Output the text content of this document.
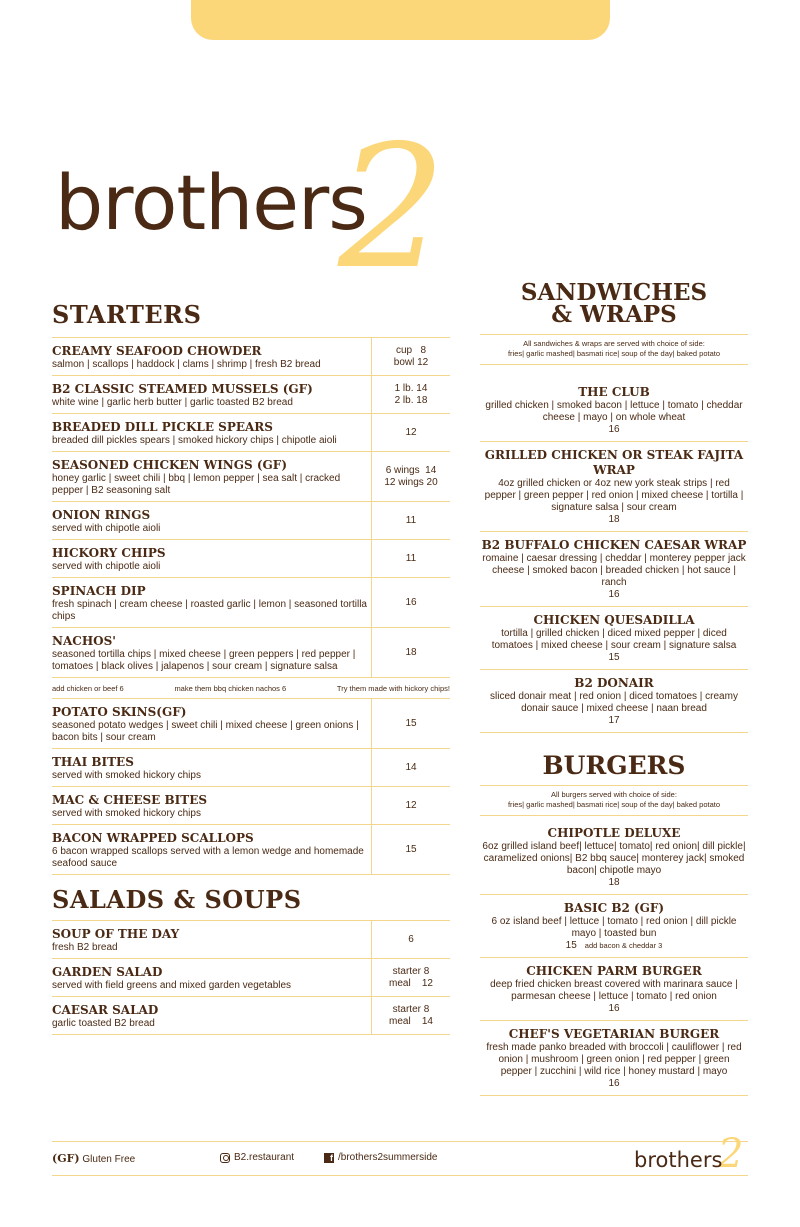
2
brothers
STARTERS
CREAMY SEAFOOD CHOWDER
salmon | scallops | haddock | clams | shrimp | fresh B2 bread
cup   8
bowl 12
B2 CLASSIC STEAMED MUSSELS (GF)
white wine | garlic herb butter | garlic toasted B2 bread
1 lb. 14
2 lb. 18
BREADED DILL PICKLE SPEARS
breaded dill pickles spears | smoked hickory chips | chipotle aioli
12
SEASONED CHICKEN WINGS (GF)
honey garlic | sweet chili | bbq | lemon pepper | sea salt | cracked pepper | B2 seasoning salt
6 wings  14
12 wings 20
ONION RINGS
served with chipotle aioli
11
HICKORY CHIPS
served with chipotle aioli
11
SPINACH DIP
fresh spinach | cream cheese | roasted garlic | lemon | seasoned tortilla chips
16
NACHOS'
seasoned tortilla chips | mixed cheese | green peppers | red pepper | tomatoes | black olives | jalapenos | sour cream | signature salsa
18
add chicken or beef 6	make them bbq chicken nachos 6	Try them made with hickory chips!
POTATO SKINS(GF)
seasoned potato wedges | sweet chili | mixed cheese | green onions | bacon bits | sour cream
15
THAI BITES
served with smoked hickory chips
14
MAC & CHEESE BITES
served with smoked hickory chips
12
BACON WRAPPED SCALLOPS
6 bacon wrapped scallops served with a lemon wedge and homemade seafood sauce
15
SALADS & SOUPS
SOUP OF THE DAY
fresh B2 bread
6
GARDEN SALAD
served with field greens and mixed garden vegetables
starter 8
meal    12
CAESAR SALAD
garlic toasted B2 bread
starter 8
meal    14
SANDWICHES
& WRAPS
All sandwiches & wraps are served with choice of side:
fries| garlic mashed| basmati rice| soup of the day| baked potato
THE CLUB
grilled chicken | smoked bacon | lettuce | tomato | cheddar cheese | mayo | on whole wheat
16
GRILLED CHICKEN OR STEAK FAJITA WRAP
4oz grilled chicken or 4oz new york steak strips | red pepper | green pepper | red onion | mixed cheese | tortilla | signature salsa | sour cream
18
B2 BUFFALO CHICKEN CAESAR WRAP
romaine | caesar dressing | cheddar | monterey pepper jack cheese | smoked bacon | breaded chicken | hot sauce | ranch
16
CHICKEN QUESADILLA
tortilla | grilled chicken | diced mixed pepper | diced tomatoes | mixed cheese | sour cream | signature salsa
15
B2 DONAIR
sliced donair meat | red onion | diced tomatoes | creamy donair sauce | mixed cheese | naan bread
17
BURGERS
All burgers served with choice of side:
fries| garlic mashed| basmati rice| soup of the day| baked potato
CHIPOTLE DELUXE
6oz grilled island beef| lettuce| tomato| red onion| dill pickle| caramelized onions| B2 bbq sauce| monterey jack| smoked bacon| chipotle mayo
18
BASIC B2 (GF)
6 oz island beef | lettuce | tomato | red onion | dill pickle mayo | toasted bun
15 add bacon & cheddar 3
CHICKEN PARM BURGER
deep fried chicken breast covered with marinara sauce | parmesan cheese | lettuce | tomato | red onion
16
CHEF'S VEGETARIAN BURGER
fresh made panko breaded with broccoli | cauliflower | red onion | mushroom | green onion | red pepper | green pepper | zucchini | wild rice | honey mustard | mayo
16
(GF) Gluten Free	B2.restaurant	f /brothers2summerside	2
brothers
